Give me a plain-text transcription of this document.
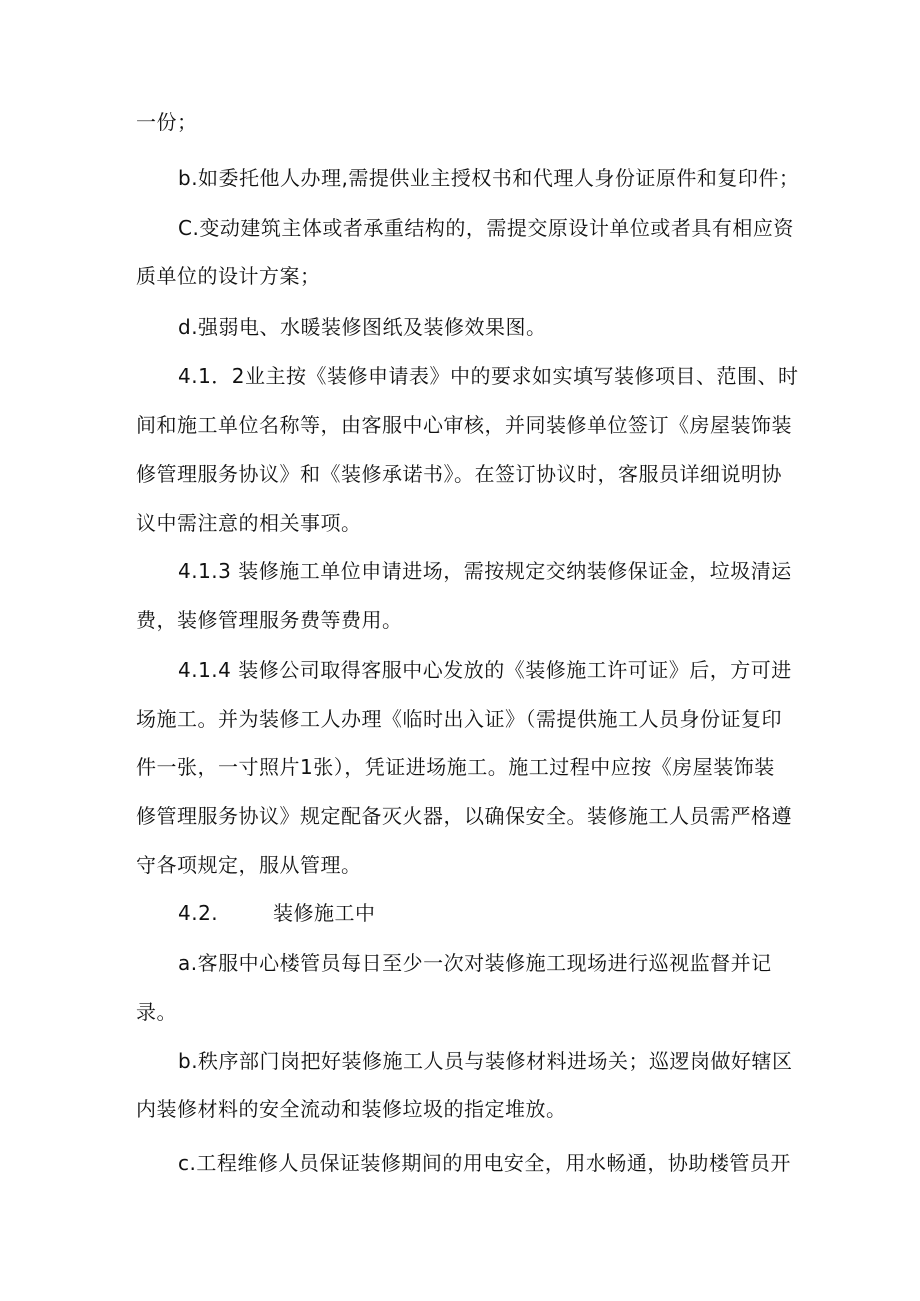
一份；
b.如委托他人办理,需提供业主授权书和代理人身份证原件和复印件；
C.变动建筑主体或者承重结构的，需提交原设计单位或者具有相应资
质单位的设计方案；
d.强弱电、水暖装修图纸及装修效果图。
4.1．2业主按《装修申请表》中的要求如实填写装修项目、范围、时
间和施工单位名称等，由客服中心审核，并同装修单位签订《房屋装饰装
修管理服务协议》和《装修承诺书》。在签订协议时，客服员详细说明协
议中需注意的相关事项。
4.1.3 装修施工单位申请进场，需按规定交纳装修保证金，垃圾清运
费，装修管理服务费等费用。
4.1.4 装修公司取得客服中心发放的《装修施工许可证》后，方可进
场施工。并为装修工人办理《临时出入证》（需提供施工人员身份证复印
件一张，一寸照片1张），凭证进场施工。施工过程中应按《房屋装饰装
修管理服务协议》规定配备灭火器，以确保安全。装修施工人员需严格遵
守各项规定，服从管理。
4.2.        装修施工中
a.客服中心楼管员每日至少一次对装修施工现场进行巡视监督并记
录。
b.秩序部门岗把好装修施工人员与装修材料进场关；巡逻岗做好辖区
内装修材料的安全流动和装修垃圾的指定堆放。
c.工程维修人员保证装修期间的用电安全，用水畅通，协助楼管员开
